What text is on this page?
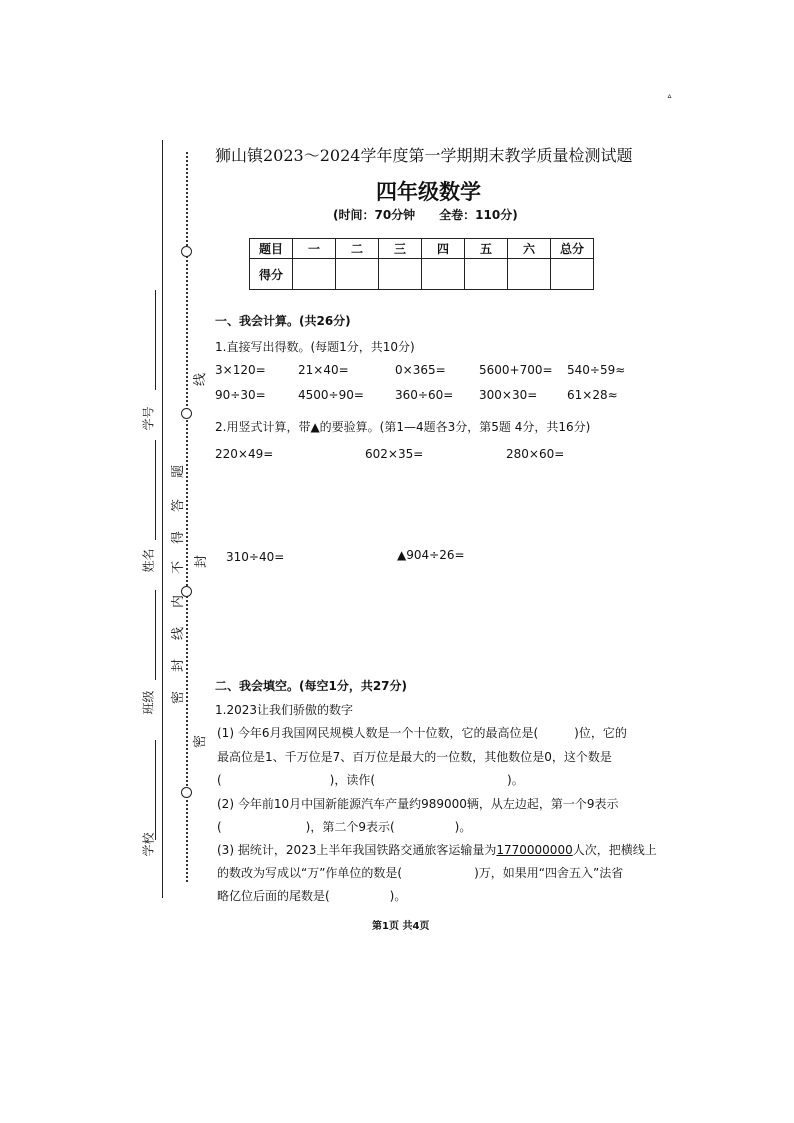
ᐞ
学号
姓名
班级
学校
线
题
答
得
不
内
线
封
封
密
密
狮山镇2023～2024学年度第一学期期末教学质量检测试题
四年级数学
(时间：70分钟　　全卷：110分)
题目	一	二	三	四	五	六	总分
得分							
一、我会计算。(共26分)
1.直接写出得数。(每题1分，共10分)
3×120=	21×40=	0×365=	5600+700= 540÷59≈
90÷30=	4500÷90=	360÷60= 300×30= 61×28≈
2.用竖式计算，带▲的要验算。(第1—4题各3分，第5题 4分，共16分)
220×49=	602×35=	280×60=
310÷40=	▲904÷26=
二、我会填空。(每空1分，共27分)
1.2023让我们骄傲的数字
(1) 今年6月我国网民规模人数是一个十位数，它的最高位是(　　　)位，它的
最高位是1、千万位是7、百万位是最大的一位数，其他数位是0，这个数是
(　　　　　　　　　)，读作(　　　　　　　　　　　)。
(2) 今年前10月中国新能源汽车产量约989000辆，从左边起，第一个9表示
(　　　　　　　)，第二个9表示(　　　　　)。
(3) 据统计，2023上半年我国铁路交通旅客运输量为1770000000人次，把横线上
的数改为写成以“万”作单位的数是(　　　　　　)万，如果用“四舍五入”法省
略亿位后面的尾数是(　　　　　)。
第1页 共4页
